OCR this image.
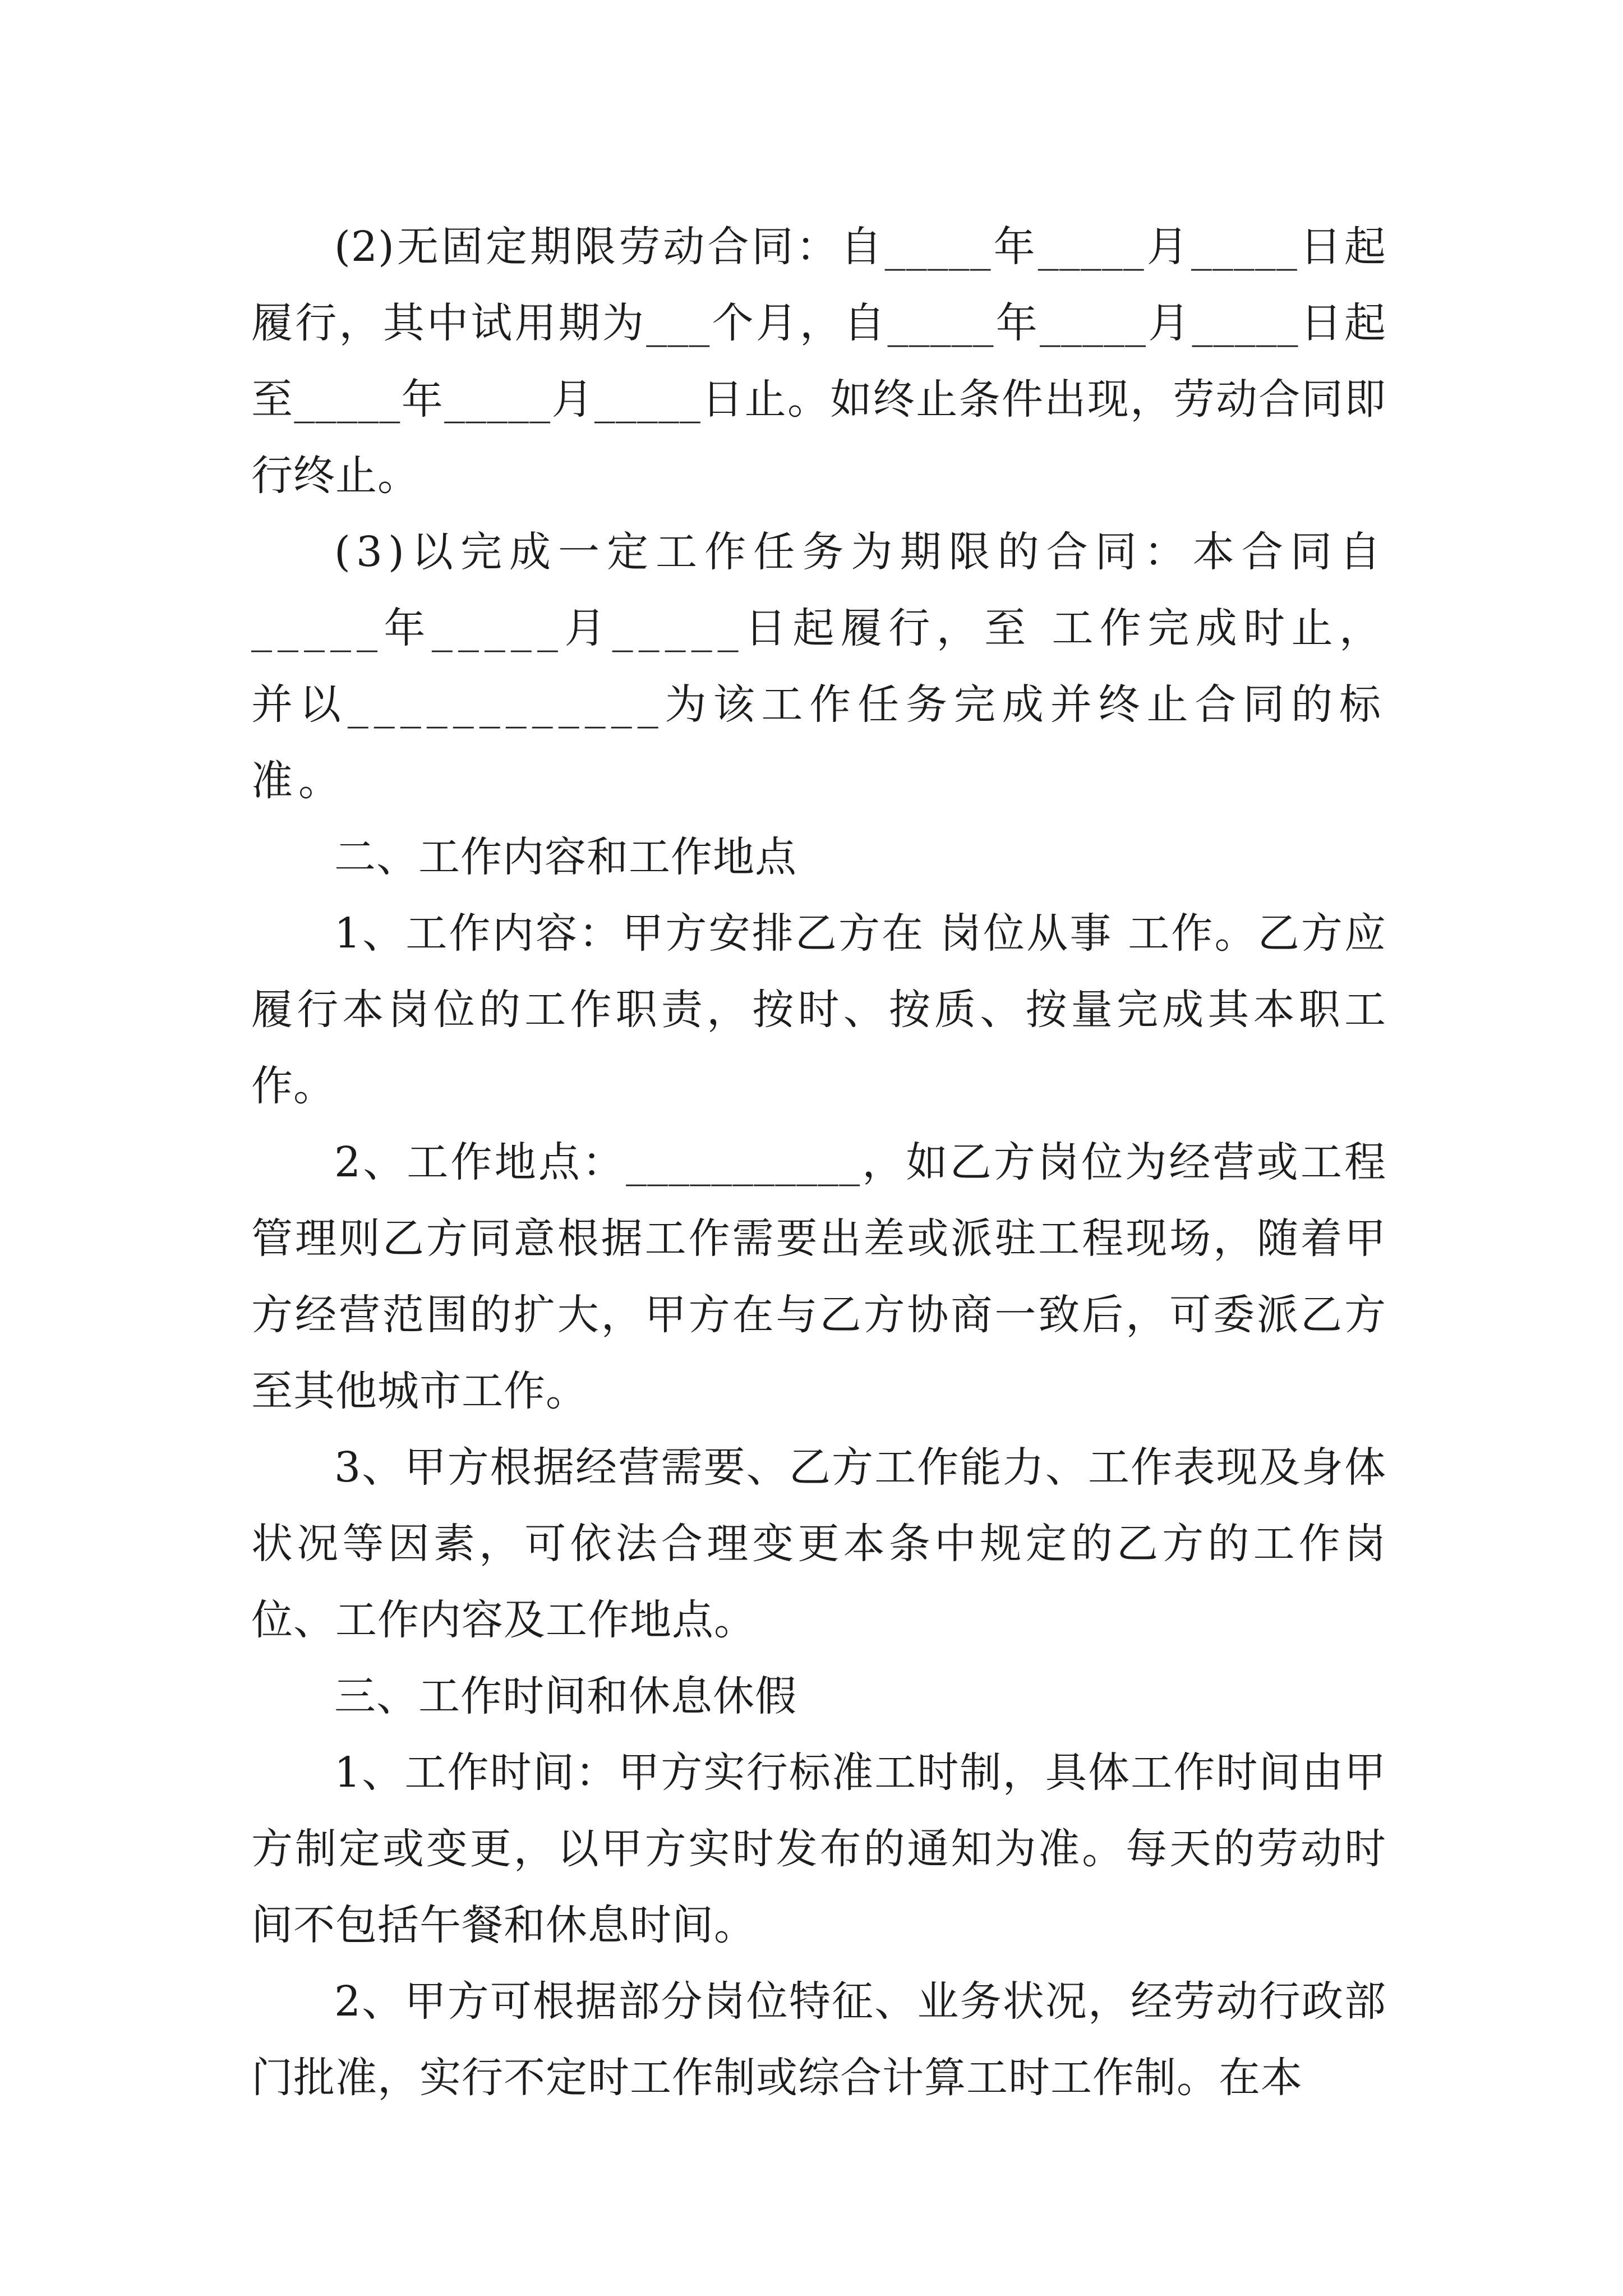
(2)无固定期限劳动合同：自_____年_____月_____日起履行，其中试用期为___个月，自_____年_____月_____日起至_____年_____月_____日止。如终止条件出现，劳动合同即行终止。

(3)以完成一定工作任务为期限的合同：本合同自_____年_____月_____日起履行，至 工作完成时止，并以____________为该工作任务完成并终止合同的标准。

二、工作内容和工作地点

1、工作内容：甲方安排乙方在 岗位从事 工作。乙方应履行本岗位的工作职责，按时、按质、按量完成其本职工作。

2、工作地点：___________，如乙方岗位为经营或工程管理则乙方同意根据工作需要出差或派驻工程现场，随着甲方经营范围的扩大，甲方在与乙方协商一致后，可委派乙方至其他城市工作。

3、甲方根据经营需要、乙方工作能力、工作表现及身体状况等因素，可依法合理变更本条中规定的乙方的工作岗位、工作内容及工作地点。

三、工作时间和休息休假

1、工作时间：甲方实行标准工时制，具体工作时间由甲方制定或变更，以甲方实时发布的通知为准。每天的劳动时间不包括午餐和休息时间。

2、甲方可根据部分岗位特征、业务状况，经劳动行政部门批准，实行不定时工作制或综合计算工时工作制。在本
